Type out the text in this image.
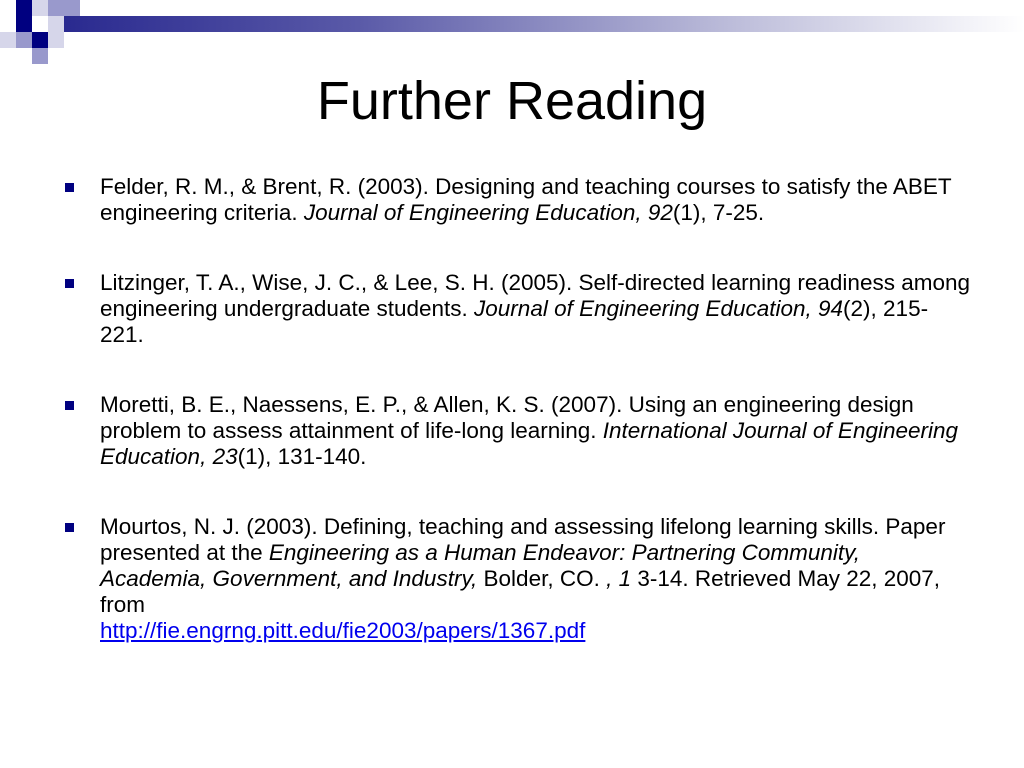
Further Reading
Felder, R. M., & Brent, R. (2003). Designing and teaching courses to satisfy the ABET engineering criteria. Journal of Engineering Education, 92(1), 7-25.
Litzinger, T. A., Wise, J. C., & Lee, S. H. (2005). Self-directed learning readiness among engineering undergraduate students. Journal of Engineering Education, 94(2), 215-221.
Moretti, B. E., Naessens, E. P., & Allen, K. S. (2007). Using an engineering design problem to assess attainment of life-long learning. International Journal of Engineering Education, 23(1), 131-140.
Mourtos, N. J. (2003). Defining, teaching and assessing lifelong learning skills. Paper presented at the Engineering as a Human Endeavor: Partnering Community, Academia, Government, and Industry, Bolder, CO. , 1 3-14. Retrieved May 22, 2007, from
http://fie.engrng.pitt.edu/fie2003/papers/1367.pdf
